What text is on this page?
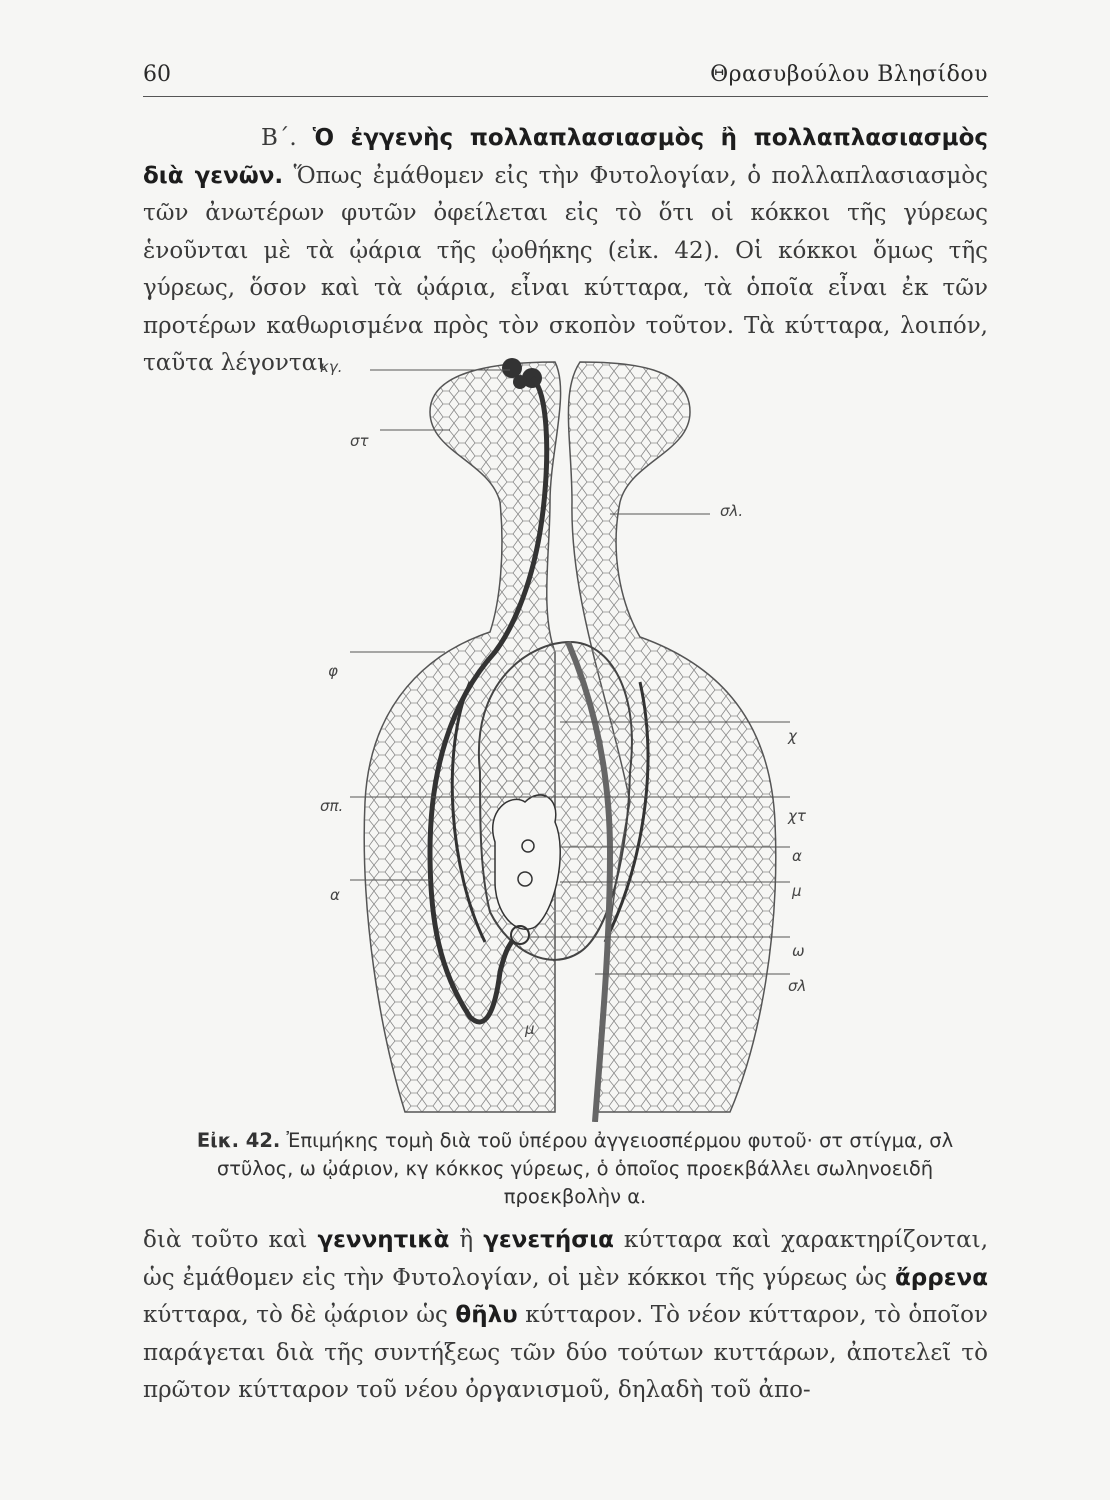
60	Θρασυβούλου Βλησίδου

Β΄. Ὁ ἐγγενὴς πολλαπλασιασμὸς ἢ πολλαπλασιασμὸς διὰ γενῶν. Ὅπως ἐμάθομεν εἰς τὴν Φυτολογίαν, ὁ πολλαπλασιασμὸς τῶν ἀνωτέρων φυτῶν ὀφείλεται εἰς τὸ ὅτι οἱ κόκκοι τῆς γύρεως ἑνοῦνται μὲ τὰ ᾠάρια τῆς ᾠοθήκης (εἰκ. 42). Οἱ κόκκοι ὅμως τῆς γύρεως, ὅσον καὶ τὰ ᾠάρια, εἶναι κύτταρα, τὰ ὁποῖα εἶναι ἐκ τῶν προτέρων καθωρισμένα πρὸς τὸν σκοπὸν τοῦτον. Τὰ κύτταρα, λοιπόν, ταῦτα λέγονται

κγ.
στ
σλ.
φ
χ
σπ.
χτ
α
α	μ
ω
σλ
μ
Εἰκ. 42. Ἐπιμήκης τομὴ διὰ τοῦ ὑπέρου ἀγγειοσπέρμου φυτοῦ· στ στίγμα, σλ στῦλος, ω ᾠάριον, κγ κόκκος γύρεως, ὁ ὁποῖος προεκβάλλει σωληνοειδῆ προεκβολὴν α.

διὰ τοῦτο καὶ γεννητικὰ ἢ γενετήσια κύτταρα καὶ χαρακτηρίζονται, ὡς ἐμάθομεν εἰς τὴν Φυτολογίαν, οἱ μὲν κόκκοι τῆς γύρεως ὡς ἄρρενα κύτταρα, τὸ δὲ ᾠάριον ὡς θῆλυ κύτταρον. Τὸ νέον κύτταρον, τὸ ὁποῖον παράγεται διὰ τῆς συντήξεως τῶν δύο τούτων κυττάρων, ἀποτελεῖ τὸ πρῶτον κύτταρον τοῦ νέου ὀργανισμοῦ, δηλαδὴ τοῦ ἀπο-
